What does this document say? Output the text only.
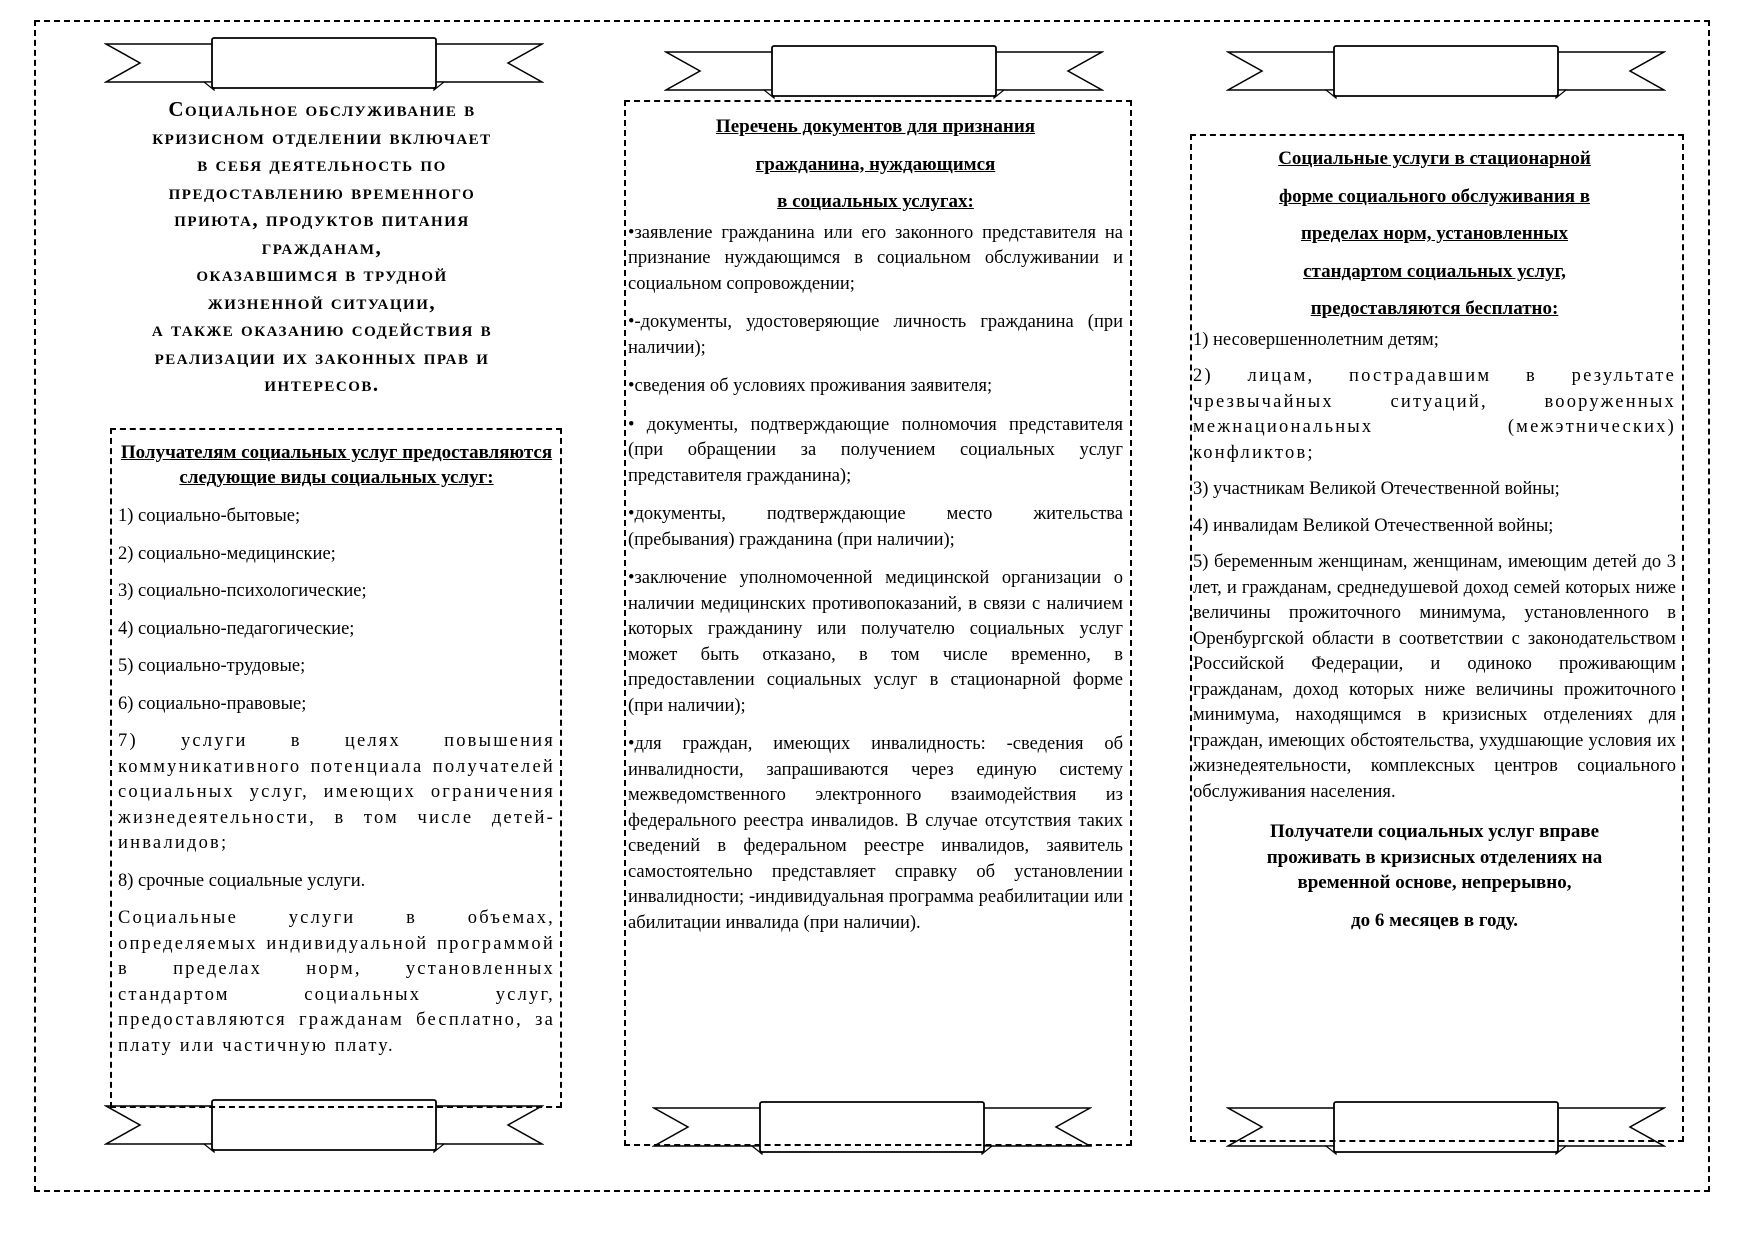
Социальное обслуживание в
кризисном отделении включает
в себя деятельность по
предоставлению временного
приюта, продуктов питания
гражданам,
оказавшимся в трудной
жизненной ситуации,
а также оказанию содействия в
реализации их законных прав и
интересов.
Получателям социальных услуг предоставляются следующие виды социальных услуг:

1) социально-бытовые;

2) социально-медицинские;

3) социально-психологические;

4) социально-педагогические;

5) социально-трудовые;

6) социально-правовые;

7) услуги в целях повышения коммуникативного потенциала получателей социальных услуг, имеющих ограничения жизнедеятельности, в том числе детей-инвалидов;

8) срочные социальные услуги.

Социальные услуги в объемах, определяемых индивидуальной программой в пределах норм, установленных стандартом социальных услуг, предоставляются гражданам бесплатно, за плату или частичную плату.

Перечень документов для признания
гражданина, нуждающимся
в социальных услугах:

•заявление гражданина или его законного представителя на признание нуждающимся в социальном обслуживании и социальном сопровождении;

•-документы, удостоверяющие личность гражданина (при наличии);

•сведения об условиях проживания заявителя;

• документы, подтверждающие полномочия представителя (при обращении за получением социальных услуг представителя гражданина);

•документы, подтверждающие место жительства (пребывания) гражданина (при наличии);

•заключение уполномоченной медицинской организации о наличии медицинских противопоказаний, в связи с наличием которых гражданину или получателю социальных услуг может быть отказано, в том числе временно, в предоставлении социальных услуг в стационарной форме (при наличии);

•для граждан, имеющих инвалидность: -сведения об инвалидности, запрашиваются через единую систему межведомственного электронного взаимодействия из федерального реестра инвалидов. В случае отсутствия таких сведений в федеральном реестре инвалидов, заявитель самостоятельно представляет справку об установлении инвалидности; -индивидуальная программа реабилитации или абилитации инвалида (при наличии).

Социальные услуги в стационарной
форме социального обслуживания в
пределах норм, установленных
стандартом социальных услуг,
предоставляются бесплатно:

1) несовершеннолетним детям;

2) лицам, пострадавшим в результате чрезвычайных ситуаций, вооруженных межнациональных (межэтнических) конфликтов;

3) участникам Великой Отечественной войны;

4) инвалидам Великой Отечественной войны;

5) беременным женщинам, женщинам, имеющим детей до 3 лет, и гражданам, среднедушевой доход семей которых ниже величины прожиточного минимума, установленного в Оренбургской области в соответствии с законодательством Российской Федерации, и одиноко проживающим гражданам, доход которых ниже величины прожиточного минимума, находящимся в кризисных отделениях для граждан, имеющих обстоятельства, ухудшающие условия их жизнедеятельности, комплексных центров социального обслуживания населения.

Получатели социальных услуг вправе
проживать в кризисных отделениях на
временной основе, непрерывно,
до 6 месяцев в году.
